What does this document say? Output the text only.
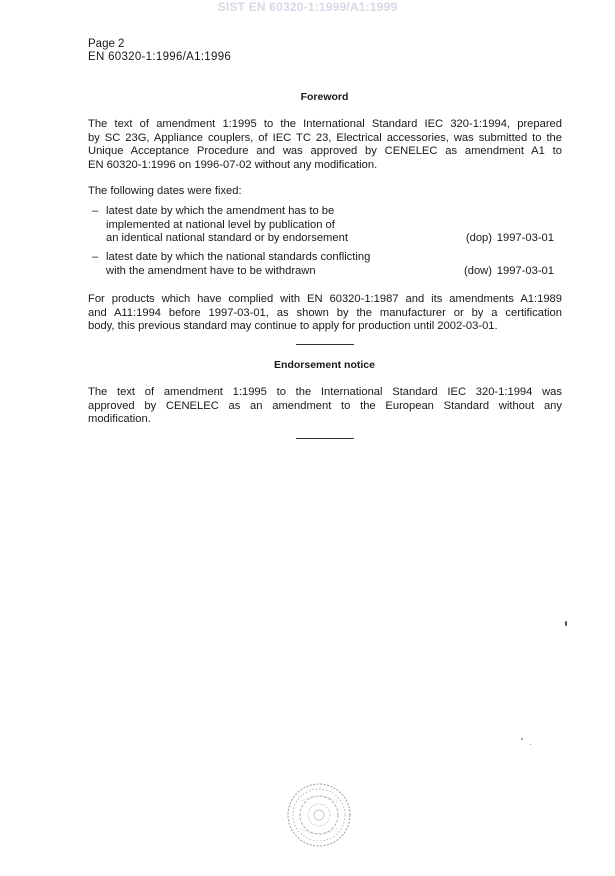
SIST EN 60320-1:1999/A1:1999
Page 2
EN 60320-1:1996/A1:1996
Foreword
The text of amendment 1:1995 to the International Standard IEC 320-1:1994, prepared
by SC 23G, Appliance couplers, of IEC TC 23, Electrical accessories, was submitted to the
Unique Acceptance Procedure and was approved by CENELEC as amendment A1 to
EN 60320-1:1996 on 1996-07-02 without any modification.
The following dates were fixed:
– latest date by which the amendment has to be
implemented at national level by publication of
an identical national standard or by endorsement	(dop) 1997-03-01
– latest date by which the national standards conflicting
with the amendment have to be withdrawn	(dow) 1997-03-01
For products which have complied with EN 60320-1:1987 and its amendments A1:1989
and A11:1994 before 1997-03-01, as shown by the manufacturer or by a certification
body, this previous standard may continue to apply for production until 2002-03-01.
Endorsement notice
The text of amendment 1:1995 to the International Standard IEC 320-1:1994 was
approved by CENELEC as an amendment to the European Standard without any
modification.
